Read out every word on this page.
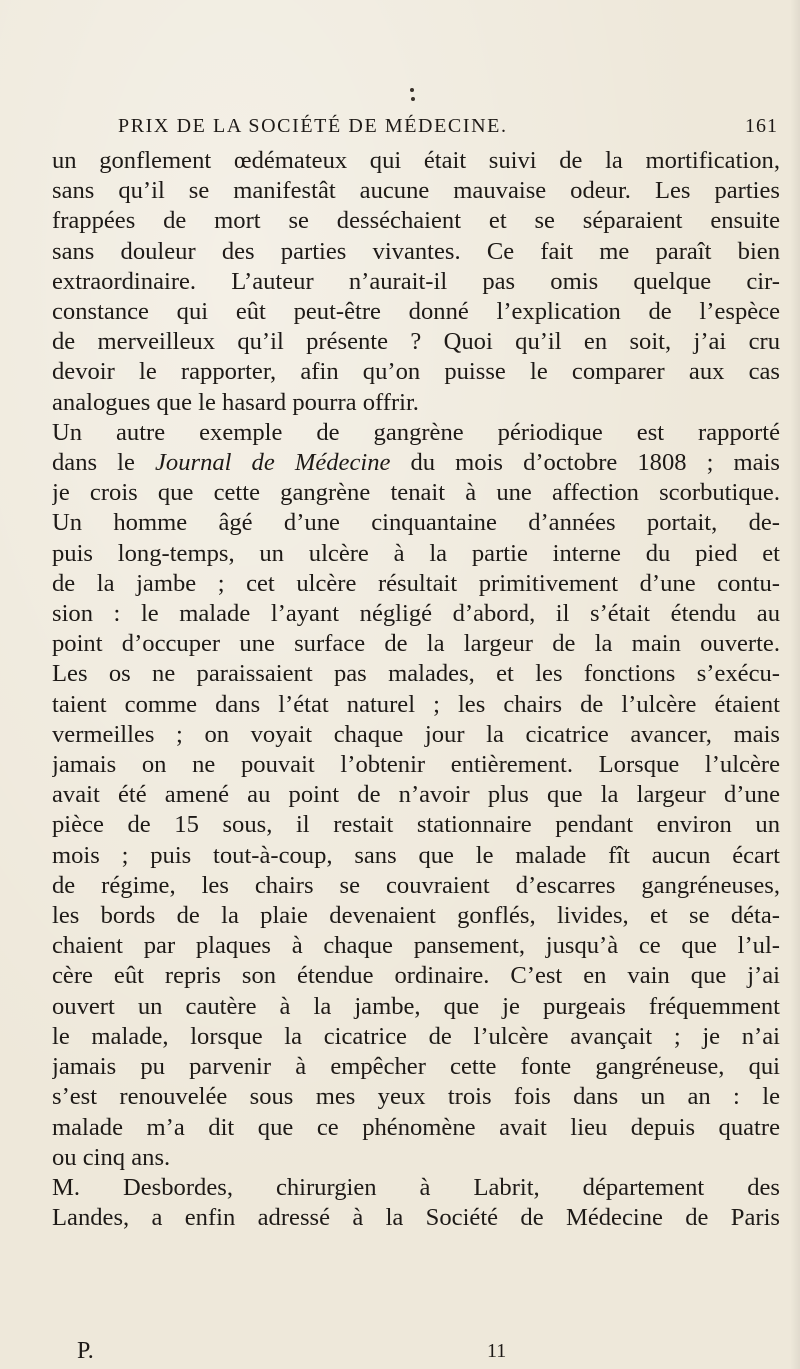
PRIX DE LA SOCIÉTÉ DE MÉDECINE.	161
un gonflement œdémateux qui était suivi de la mortification,
sans qu’il se manifestât aucune mauvaise odeur. Les parties
frappées de mort se desséchaient et se séparaient ensuite
sans douleur des parties vivantes. Ce fait me paraît bien
extraordinaire. L’auteur n’aurait-il pas omis quelque cir-
constance qui eût peut-être donné l’explication de l’espèce
de merveilleux qu’il présente ? Quoi qu’il en soit, j’ai cru
devoir le rapporter, afin qu’on puisse le comparer aux cas
analogues que le hasard pourra offrir.
Un autre exemple de gangrène périodique est rapporté
dans le Journal de Médecine du mois d’octobre 1808 ; mais
je crois que cette gangrène tenait à une affection scorbutique.
Un homme âgé d’une cinquantaine d’années portait, de-
puis long-temps, un ulcère à la partie interne du pied et
de la jambe ; cet ulcère résultait primitivement d’une contu-
sion : le malade l’ayant négligé d’abord, il s’était étendu au
point d’occuper une surface de la largeur de la main ouverte.
Les os ne paraissaient pas malades, et les fonctions s’exécu-
taient comme dans l’état naturel ; les chairs de l’ulcère étaient
vermeilles ; on voyait chaque jour la cicatrice avancer, mais
jamais on ne pouvait l’obtenir entièrement. Lorsque l’ulcère
avait été amené au point de n’avoir plus que la largeur d’une
pièce de 15 sous, il restait stationnaire pendant environ un
mois ; puis tout-à-coup, sans que le malade fît aucun écart
de régime, les chairs se couvraient d’escarres gangréneuses,
les bords de la plaie devenaient gonflés, livides, et se déta-
chaient par plaques à chaque pansement, jusqu’à ce que l’ul-
cère eût repris son étendue ordinaire. C’est en vain que j’ai
ouvert un cautère à la jambe, que je purgeais fréquemment
le malade, lorsque la cicatrice de l’ulcère avançait ; je n’ai
jamais pu parvenir à empêcher cette fonte gangréneuse, qui
s’est renouvelée sous mes yeux trois fois dans un an : le
malade m’a dit que ce phénomène avait lieu depuis quatre
ou cinq ans.
M. Desbordes, chirurgien à Labrit, département des
Landes, a enfin adressé à la Société de Médecine de Paris
P.	11
